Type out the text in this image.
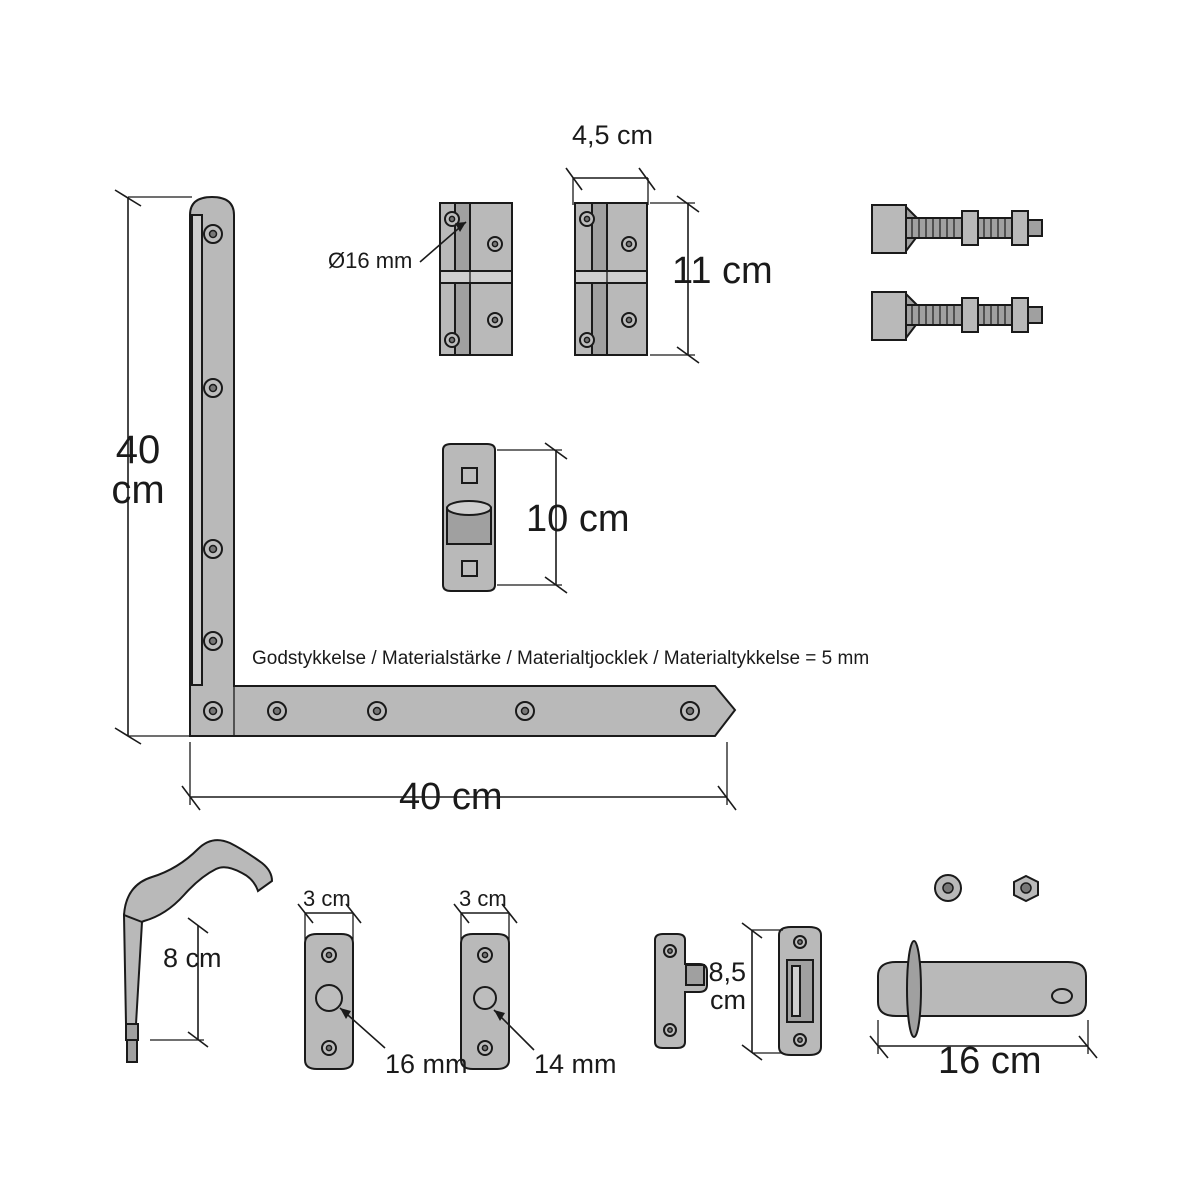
40
cm
40 cm
4,5 cm
11 cm
Ø16 mm
10 cm
Godstykkelse / Materialstärke / Materialtjocklek / Materialtykkelse = 5 mm
8 cm
3 cm	3 cm
16 mm 14 mm
8,5
cm
16 cm
